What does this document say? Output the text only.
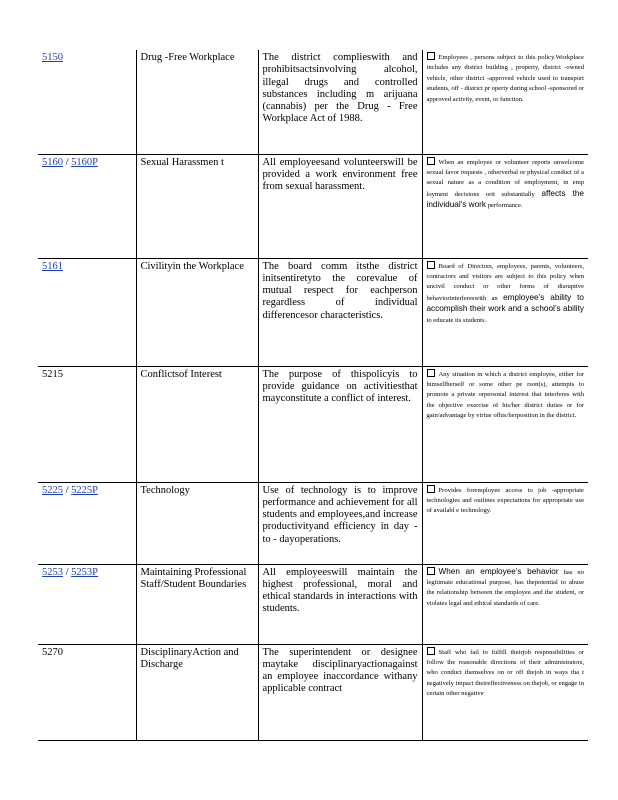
5150	Drug -Free Workplace	The district complieswith and prohibitsactsinvolving alcohol, illegal drugs and controlled substances including m arijuana (cannabis) per the Drug - Free Workplace Act of 1988.	Employees , persons subject to this policy.Workplace includes any district building , property, district -owned vehicle, other district -approved vehicle used to transport students, off - district pr operty during school -sponsored or approved activity, event, or function.
5160 / 5160P	Sexual Harassmen t	All employeesand volunteerswill be provided a work environment free from sexual harassment.	When an employee or volunteer reports unwelcome sexual favor requests , otherverbal or physical conduct of a sexual nature as a condition of employment, in emp loyment decisions orit substantially affects the individual’s work performance.
5161	Civilityin the Workplace	The board comm itsthe district initsentiretyto the corevalue of mutual respect for eachperson regardless of individual differencesor characteristics.	Board of Directors, employees, parents, volunteers, contractors and visitors are subject to this policy when uncivil conduct or other forms of disruptive behaviorinterfereswith an employee’s ability to accomplish their work and a school’s ability to educate its students.
5215	Conflictsof Interest	The purpose of thispolicyis to provide guidance on activitiesthat mayconstitute a conflict of interest.	Any situation in which a district employee, either for himselfherself or some other pe rson(s), attempts to promote a private orpersonal interest that interferes with the objective exercise of his/her district duties or for gain/advantage by virtue ofhis/herposition in the district.
5225 / 5225P	Technology	Use of technology is to improve performance and achievement for all students and employees,and increase productivityand efficiency in day - to - dayoperations.	Provides foremployee access to job -appropriate technologies and outlines expectations for appropriate use of availabl e technology.
5253 / 5253P	Maintaining Professional Staff/Student Boundaries	All employeeswill maintain the highest professional, moral and ethical standards in interactions with students.	When an employee’s behavior has no legitimate educational purpose, has thepotential to abuse the relationship between the employee and the student, or violates legal and ethical standards of care.
5270	DisciplinaryAction and Discharge	The superintendent or designee maytake disciplinaryactionagainst an employee inaccordance withany applicable contract	Staff who fail to fulfill theirjob responsibilities or follow the reasonable directions of their administrators, who conduct themselves on or off thejob in ways tha t negatively impact theireffectiveness on thejob, or engage in certain other negative
